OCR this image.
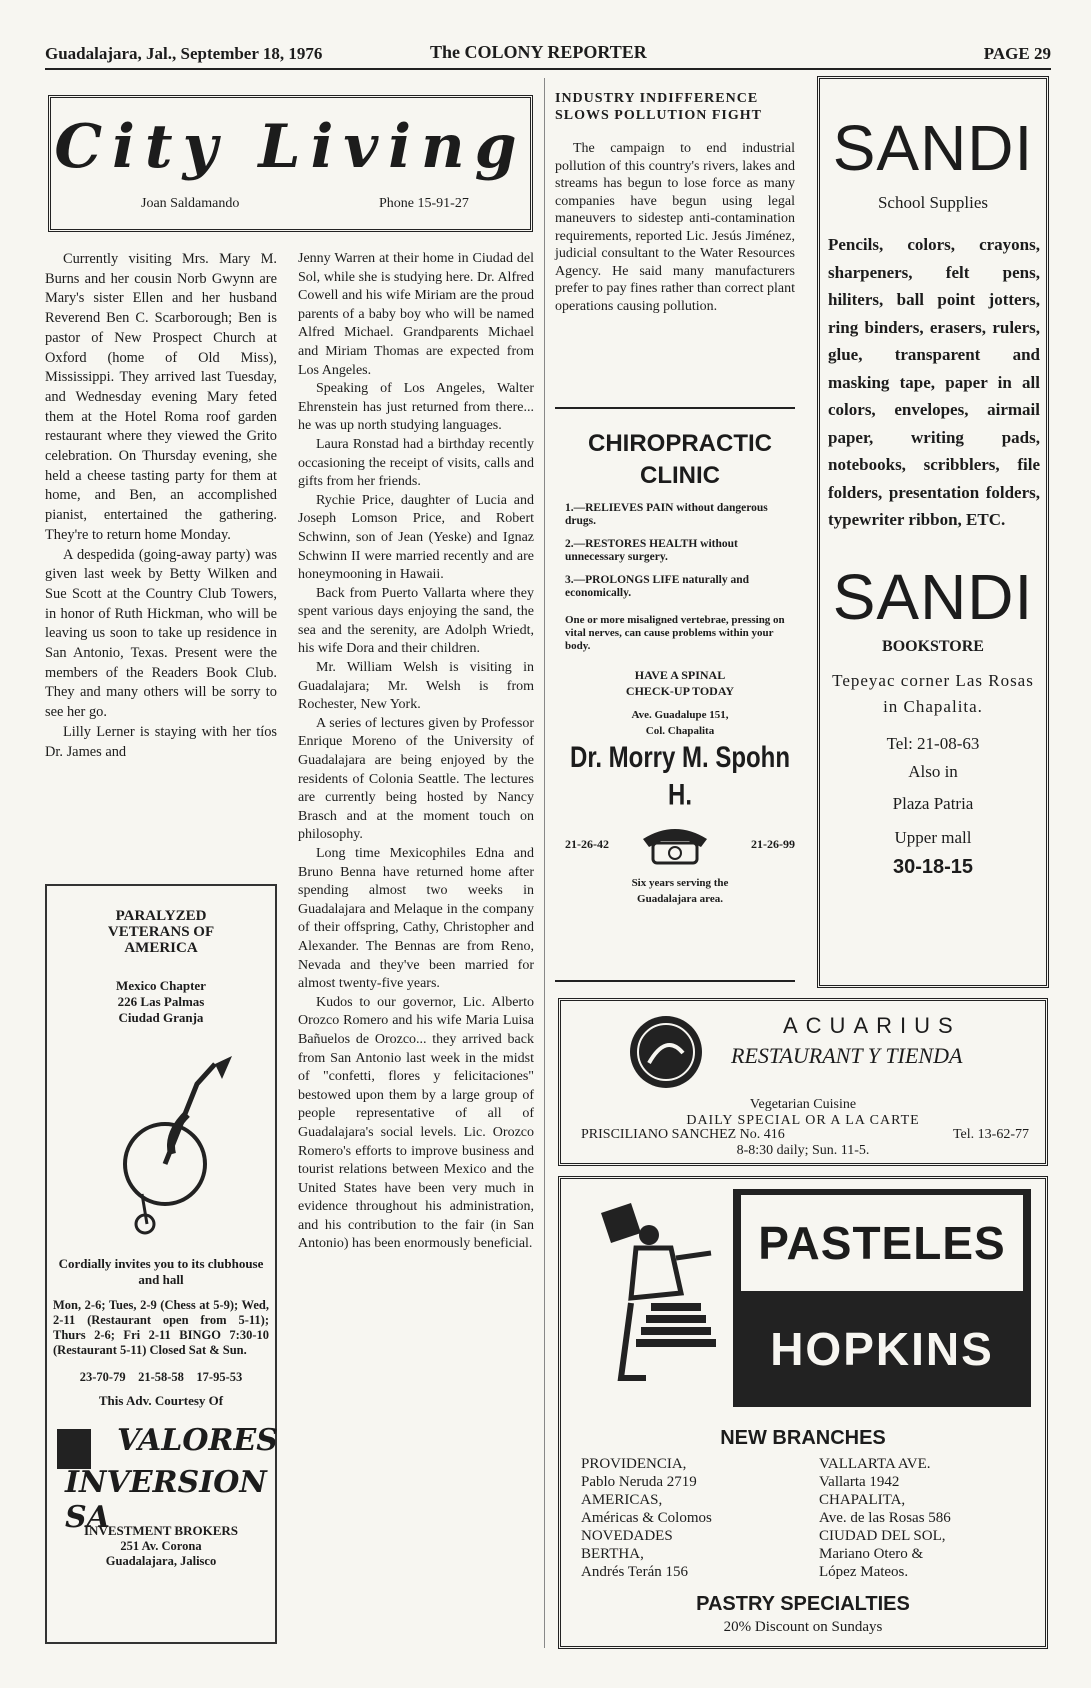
Guadalajara, Jal., September 18, 1976	The COLONY REPORTER	PAGE 29
City Living
Joan Saldamando	Phone 15-91-27

Currently visiting Mrs. Mary M. Burns and her cousin Norb Gwynn are Mary's sister Ellen and her husband Reverend Ben C. Scarborough; Ben is pastor of New Prospect Church at Oxford (home of Old Miss), Mississippi. They arrived last Tuesday, and Wednesday evening Mary feted them at the Hotel Roma roof garden restaurant where they viewed the Grito celebration. On Thursday evening, she held a cheese tasting party for them at home, and Ben, an accomplished pianist, entertained the gathering. They're to return home Monday.

A despedida (going-away party) was given last week by Betty Wilken and Sue Scott at the Country Club Towers, in honor of Ruth Hickman, who will be leaving us soon to take up residence in San Antonio, Texas. Present were the members of the Readers Book Club. They and many others will be sorry to see her go.

Lilly Lerner is staying with her tíos Dr. James and

Jenny Warren at their home in Ciudad del Sol, while she is studying here. Dr. Alfred Cowell and his wife Miriam are the proud parents of a baby boy who will be named Alfred Michael. Grandparents Michael and Miriam Thomas are expected from Los Angeles.

Speaking of Los Angeles, Walter Ehrenstein has just returned from there... he was up north studying languages.

Laura Ronstad had a birthday recently occasioning the receipt of visits, calls and gifts from her friends.

Rychie Price, daughter of Lucia and Joseph Lomson Price, and Robert Schwinn, son of Jean (Yeske) and Ignaz Schwinn II were married recently and are honeymooning in Hawaii.

Back from Puerto Vallarta where they spent various days enjoying the sand, the sea and the serenity, are Adolph Wriedt, his wife Dora and their children.

Mr. William Welsh is visiting in Guadalajara; Mr. Welsh is from Rochester, New York.

A series of lectures given by Professor Enrique Moreno of the University of Guadalajara are being enjoyed by the residents of Colonia Seattle. The lectures are currently being hosted by Nancy Brasch and at the moment touch on philosophy.

Long time Mexicophiles Edna and Bruno Benna have returned home after spending almost two weeks in Guadalajara and Melaque in the company of their offspring, Cathy, Christopher and Alexander. The Bennas are from Reno, Nevada and they've been married for almost twenty-five years.

Kudos to our governor, Lic. Alberto Orozco Romero and his wife Maria Luisa Bañuelos de Orozco... they arrived back from San Antonio last week in the midst of "confetti, flores y felicitaciones" bestowed upon them by a large group of people representative of all of Guadalajara's social levels. Lic. Orozco Romero's efforts to improve business and tourist relations between Mexico and the United States have been very much in evidence throughout his administration, and his contribution to the fair (in San Antonio) has been enormously beneficial.

PARALYZED VETERANS OF AMERICA
Mexico Chapter
226 Las Palmas
Ciudad Granja
Cordially invites you to its clubhouse and hall
Mon, 2-6; Tues, 2-9 (Chess at 5-9); Wed, 2-11 (Restaurant open from 5-11); Thurs 2-6; Fri 2-11 BINGO 7:30-10 (Restaurant 5-11) Closed Sat & Sun.
23-70-79    21-58-58    17-95-53
This Adv. Courtesy Of
VALORES
INVERSION SA
INVESTMENT BROKERS
251 Av. Corona
Guadalajara, Jalisco
INDUSTRY INDIFFERENCE SLOWS POLLUTION FIGHT
The campaign to end industrial pollution of this country's rivers, lakes and streams has begun to lose force as many companies have begun using legal maneuvers to sidestep anti-contamination requirements, reported Lic. Jesús Jiménez, judicial consultant to the Water Resources Agency. He said many manufacturers prefer to pay fines rather than correct plant operations causing pollution.
CHIROPRACTIC
CLINIC
1.—RELIEVES PAIN without dangerous drugs.
2.—RESTORES HEALTH without unnecessary surgery.
3.—PROLONGS LIFE naturally and economically.
One or more misaligned vertebrae, pressing on vital nerves, can cause problems within your body.
HAVE A SPINAL
CHECK-UP TODAY
Ave. Guadalupe 151,
Col. Chapalita
Dr. Morry M. Spohn H.
21-26-42	21-26-99
Six years serving the
Guadalajara area.
SANDI
School Supplies
Pencils, colors, crayons, sharpeners, felt pens, hiliters, ball point jotters, ring binders, erasers, rulers, glue, transparent and masking tape, paper in all colors, envelopes, airmail paper, writing pads, notebooks, scribblers, file folders, presentation folders, typewriter ribbon, ETC.
SANDI
BOOKSTORE
Tepeyac corner Las Rosas in Chapalita.
Tel: 21-08-63
Also in
Plaza Patria
Upper mall
30-18-15
ACUARIUS
RESTAURANT Y TIENDA
Vegetarian Cuisine
DAILY SPECIAL OR A LA CARTE
PRISCILIANO SANCHEZ No. 416	Tel. 13-62-77
8-8:30 daily; Sun. 11-5.
PASTELES
HOPKINS
NEW BRANCHES
PROVIDENCIA,
Pablo Neruda 2719
AMERICAS,
Américas & Colomos
NOVEDADES
BERTHA,
Andrés Terán 156
VALLARTA AVE.
Vallarta 1942
CHAPALITA,
Ave. de las Rosas 586
CIUDAD DEL SOL,
Mariano Otero &
López Mateos.
PASTRY SPECIALTIES
20% Discount on Sundays
